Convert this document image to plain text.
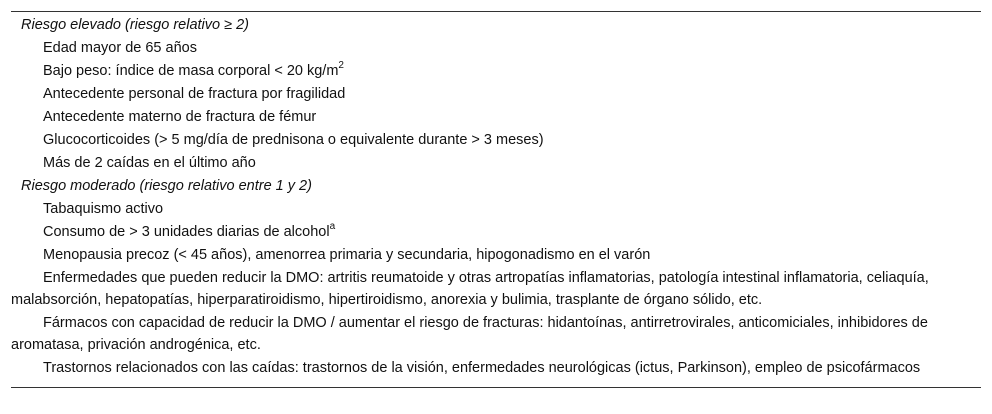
Riesgo elevado (riesgo relativo ≥ 2)
Edad mayor de 65 años
Bajo peso: índice de masa corporal < 20 $kg/m^2$
Antecedente personal de fractura por fragilidad
Antecedente materno de fractura de fémur
Glucocorticoides (> 5 mg/día de prednisona o equivalente durante > 3 meses)
Más de 2 caídas en el último año
Riesgo moderado (riesgo relativo entre 1 y 2)
Tabaquismo activo
Consumo de > 3 unidades diarias de alcohol$^a$
Menopausia precoz (< 45 años), amenorrea primaria y secundaria, hipogonadismo en el varón
Enfermedades que pueden reducir la DMO: artritis reumatoide y otras artropatías inflamatorias, patología intestinal inflamatoria, celiaquía, malabsorción, hepatopatías, hiperparatiroidismo, hipertiroidismo, anorexia y bulimia, trasplante de órgano sólido, etc.
Fármacos con capacidad de reducir la DMO / aumentar el riesgo de fracturas: hidantoínas, antirretrovirales, anticomiciales, inhibidores de aromatasa, privación androgénica, etc.
Trastornos relacionados con las caídas: trastornos de la visión, enfermedades neurológicas (ictus, Parkinson), empleo de psicofármacos
